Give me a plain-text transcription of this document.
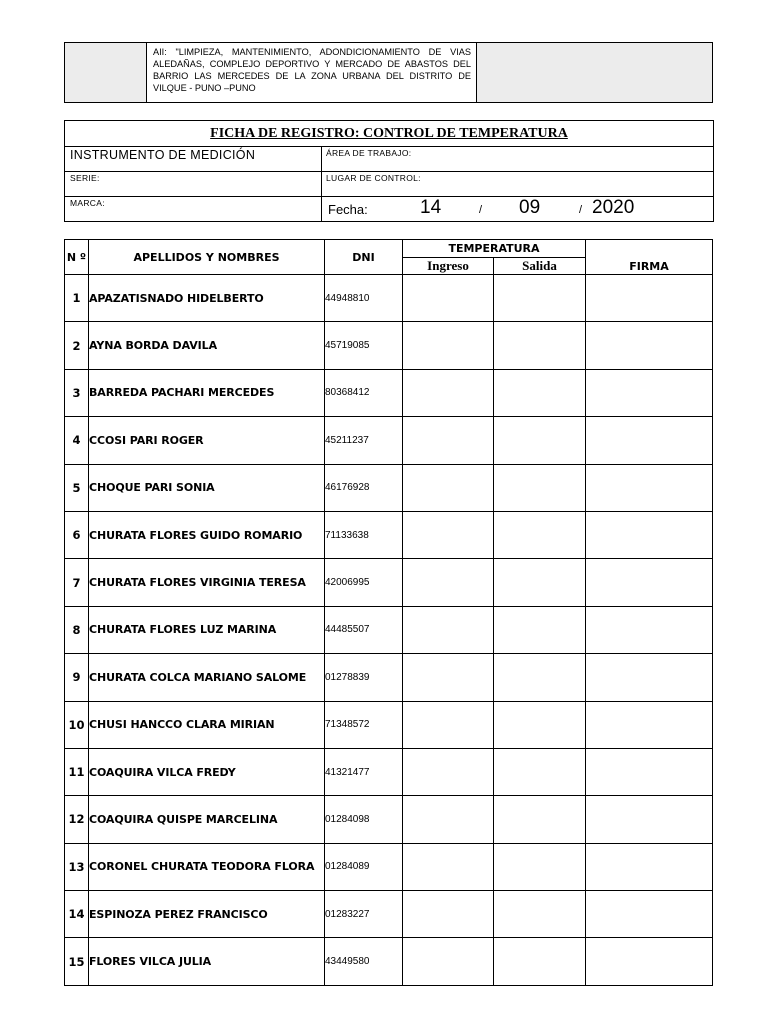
AII: "LIMPIEZA, MANTENIMIENTO, ADONDICIONAMIENTO DE VIAS ALEDAÑAS, COMPLEJO DEPORTIVO Y MERCADO DE ABASTOS DEL BARRIO LAS MERCEDES DE LA ZONA URBANA DEL DISTRITO DE VILQUE - PUNO –PUNO
FICHA DE REGISTRO: CONTROL DE TEMPERATURA
INSTRUMENTO DE MEDICIÓN	ÁREA DE TRABAJO:
SERIE:	LUGAR DE CONTROL:
MARCA:	Fecha:	14	/ 09	/ 2020
N º	APELLIDOS Y NOMBRES	DNI	TEMPERATURA		FIRMA
			Ingreso	Salida	
1	APAZATISNADO HIDELBERTO	44948810			
2	AYNA BORDA DAVILA	45719085			
3	BARREDA PACHARI MERCEDES	80368412			
4	CCOSI PARI ROGER	45211237			
5	CHOQUE PARI SONIA	46176928			
6	CHURATA FLORES GUIDO ROMARIO	71133638			
7	CHURATA FLORES VIRGINIA TERESA	42006995			
8	CHURATA FLORES LUZ MARINA	44485507			
9	CHURATA COLCA MARIANO SALOME	01278839			
10	CHUSI HANCCO CLARA MIRIAN	71348572			
11	COAQUIRA VILCA FREDY	41321477			
12	COAQUIRA QUISPE MARCELINA	01284098			
13	CORONEL CHURATA TEODORA FLORA	01284089			
14	ESPINOZA PEREZ FRANCISCO	01283227			
15	FLORES VILCA JULIA	43449580			
